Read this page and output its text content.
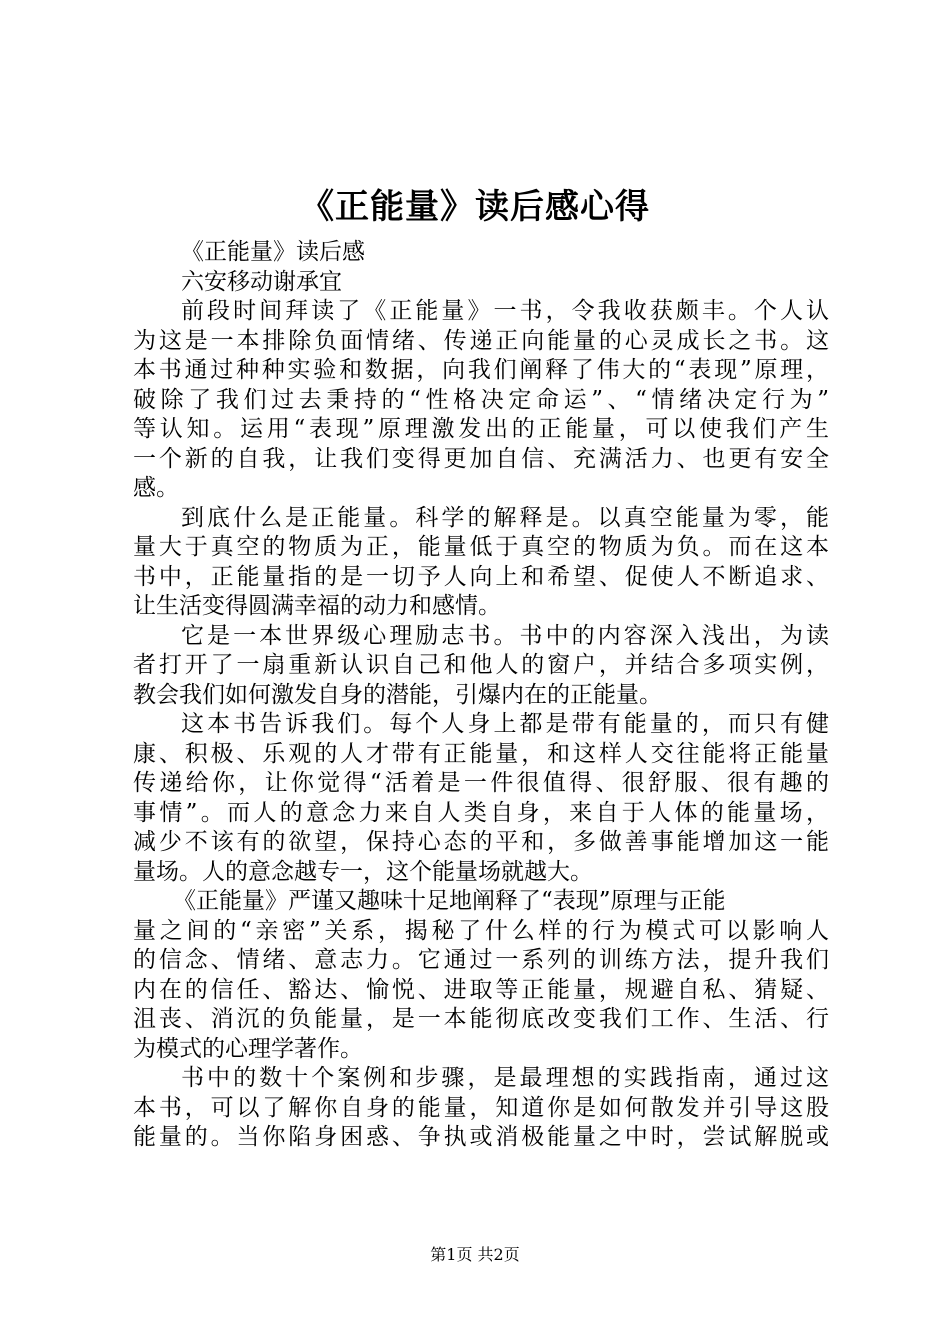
《正能量》读后感心得
《正能量》读后感
六安移动谢承宜
前段时间拜读了《正能量》一书，令我收获颇丰。个人认
为这是一本排除负面情绪、传递正向能量的心灵成长之书。这
本书通过种种实验和数据，向我们阐释了伟大的“表现”原理，
破除了我们过去秉持的“性格决定命运”、“情绪决定行为”
等认知。运用“表现”原理激发出的正能量，可以使我们产生
一个新的自我，让我们变得更加自信、充满活力、也更有安全
感。
到底什么是正能量。科学的解释是。以真空能量为零，能
量大于真空的物质为正，能量低于真空的物质为负。而在这本
书中，正能量指的是一切予人向上和希望、促使人不断追求、
让生活变得圆满幸福的动力和感情。
它是一本世界级心理励志书。书中的内容深入浅出，为读
者打开了一扇重新认识自己和他人的窗户，并结合多项实例，
教会我们如何激发自身的潜能，引爆内在的正能量。
这本书告诉我们。每个人身上都是带有能量的，而只有健
康、积极、乐观的人才带有正能量，和这样人交往能将正能量
传递给你，让你觉得“活着是一件很值得、很舒服、很有趣的
事情”。而人的意念力来自人类自身，来自于人体的能量场，
减少不该有的欲望，保持心态的平和，多做善事能增加这一能
量场。人的意念越专一，这个能量场就越大。
《正能量》严谨又趣味十足地阐释了“表现”原理与正能
量之间的“亲密”关系，揭秘了什么样的行为模式可以影响人
的信念、情绪、意志力。它通过一系列的训练方法，提升我们
内在的信任、豁达、愉悦、进取等正能量，规避自私、猜疑、
沮丧、消沉的负能量，是一本能彻底改变我们工作、生活、行
为模式的心理学著作。
书中的数十个案例和步骤，是最理想的实践指南，通过这
本书，可以了解你自身的能量，知道你是如何散发并引导这股
能量的。当你陷身困惑、争执或消极能量之中时，尝试解脱或
第1页 共2页
